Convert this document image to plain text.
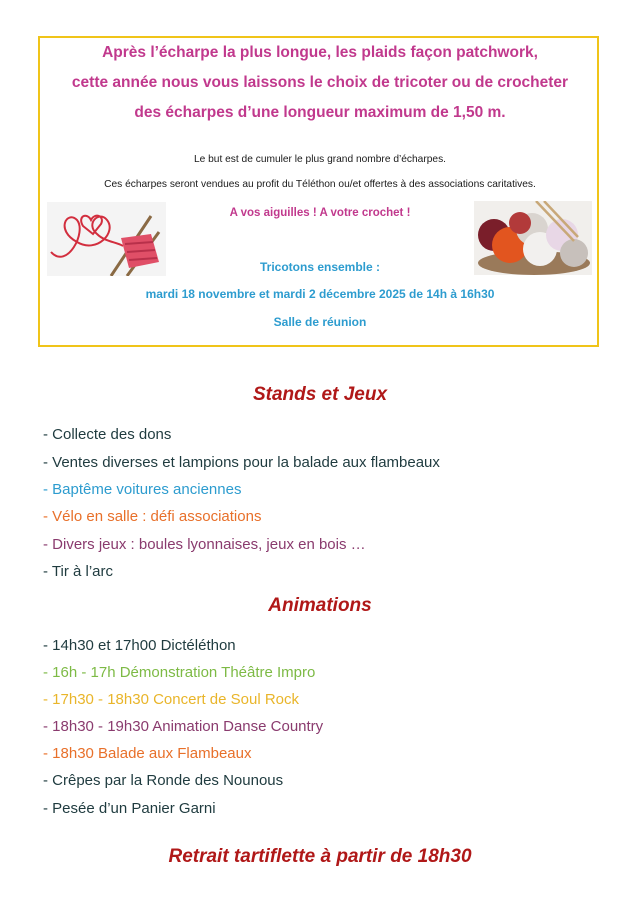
Après l’écharpe la plus longue, les plaids façon patchwork,
cette année nous vous laissons le choix de tricoter ou de crocheter
des écharpes d’une longueur maximum de 1,50 m.
Le but est de cumuler le plus grand nombre d’écharpes.
Ces écharpes seront vendues au profit du Téléthon ou/et offertes à des associations caritatives.
A vos aiguilles ! A votre crochet !
Tricotons ensemble :
mardi 18 novembre et mardi 2 décembre 2025 de 14h à 16h30
Salle de réunion
Stands et Jeux
- Collecte des dons
- Ventes diverses et lampions pour la balade aux flambeaux
- Baptême voitures anciennes
- Vélo en salle : défi associations
- Divers jeux : boules lyonnaises, jeux en bois …
- Tir à l’arc
Animations
- 14h30 et 17h00 Dictéléthon
- 16h - 17h Démonstration Théâtre Impro
- 17h30 - 18h30 Concert de Soul Rock
- 18h30 - 19h30 Animation Danse Country
- 18h30 Balade aux Flambeaux
- Crêpes par la Ronde des Nounous
- Pesée d’un Panier Garni
Retrait tartiflette à partir de 18h30
